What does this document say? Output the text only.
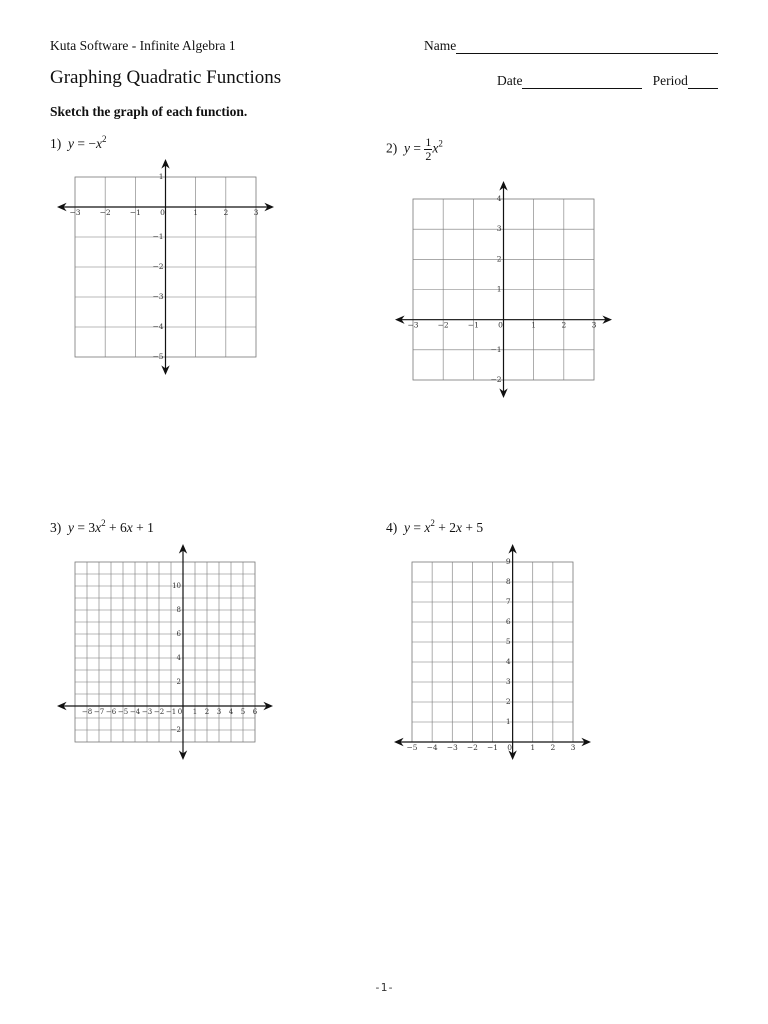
Kuta Software - Infinite Algebra 1	Name
Graphing Quadratic Functions	Date	Period
Sketch the graph of each function.
1) $y = -x^2$
2) $y = \frac{1}{2} x^2$
3) $y = 3x^2 + 6x + 1$	4) $y = x^2 + 2x + 5$
−3	−2	−1	0	1	2	3
−5
−4
−3
−2
−1
1
−3	−2	−1	0	1	2	3
−2
−1
1
2
3
4
−8 −7 −6 −5 −4 −3 −2 −1 0 1 2 3 4 5 6
−2
2
4
6
8
10
−5 −4 −3 −2 −1 0 1 2 3
1
2
3
4
5
6
7
8
9
-1-
